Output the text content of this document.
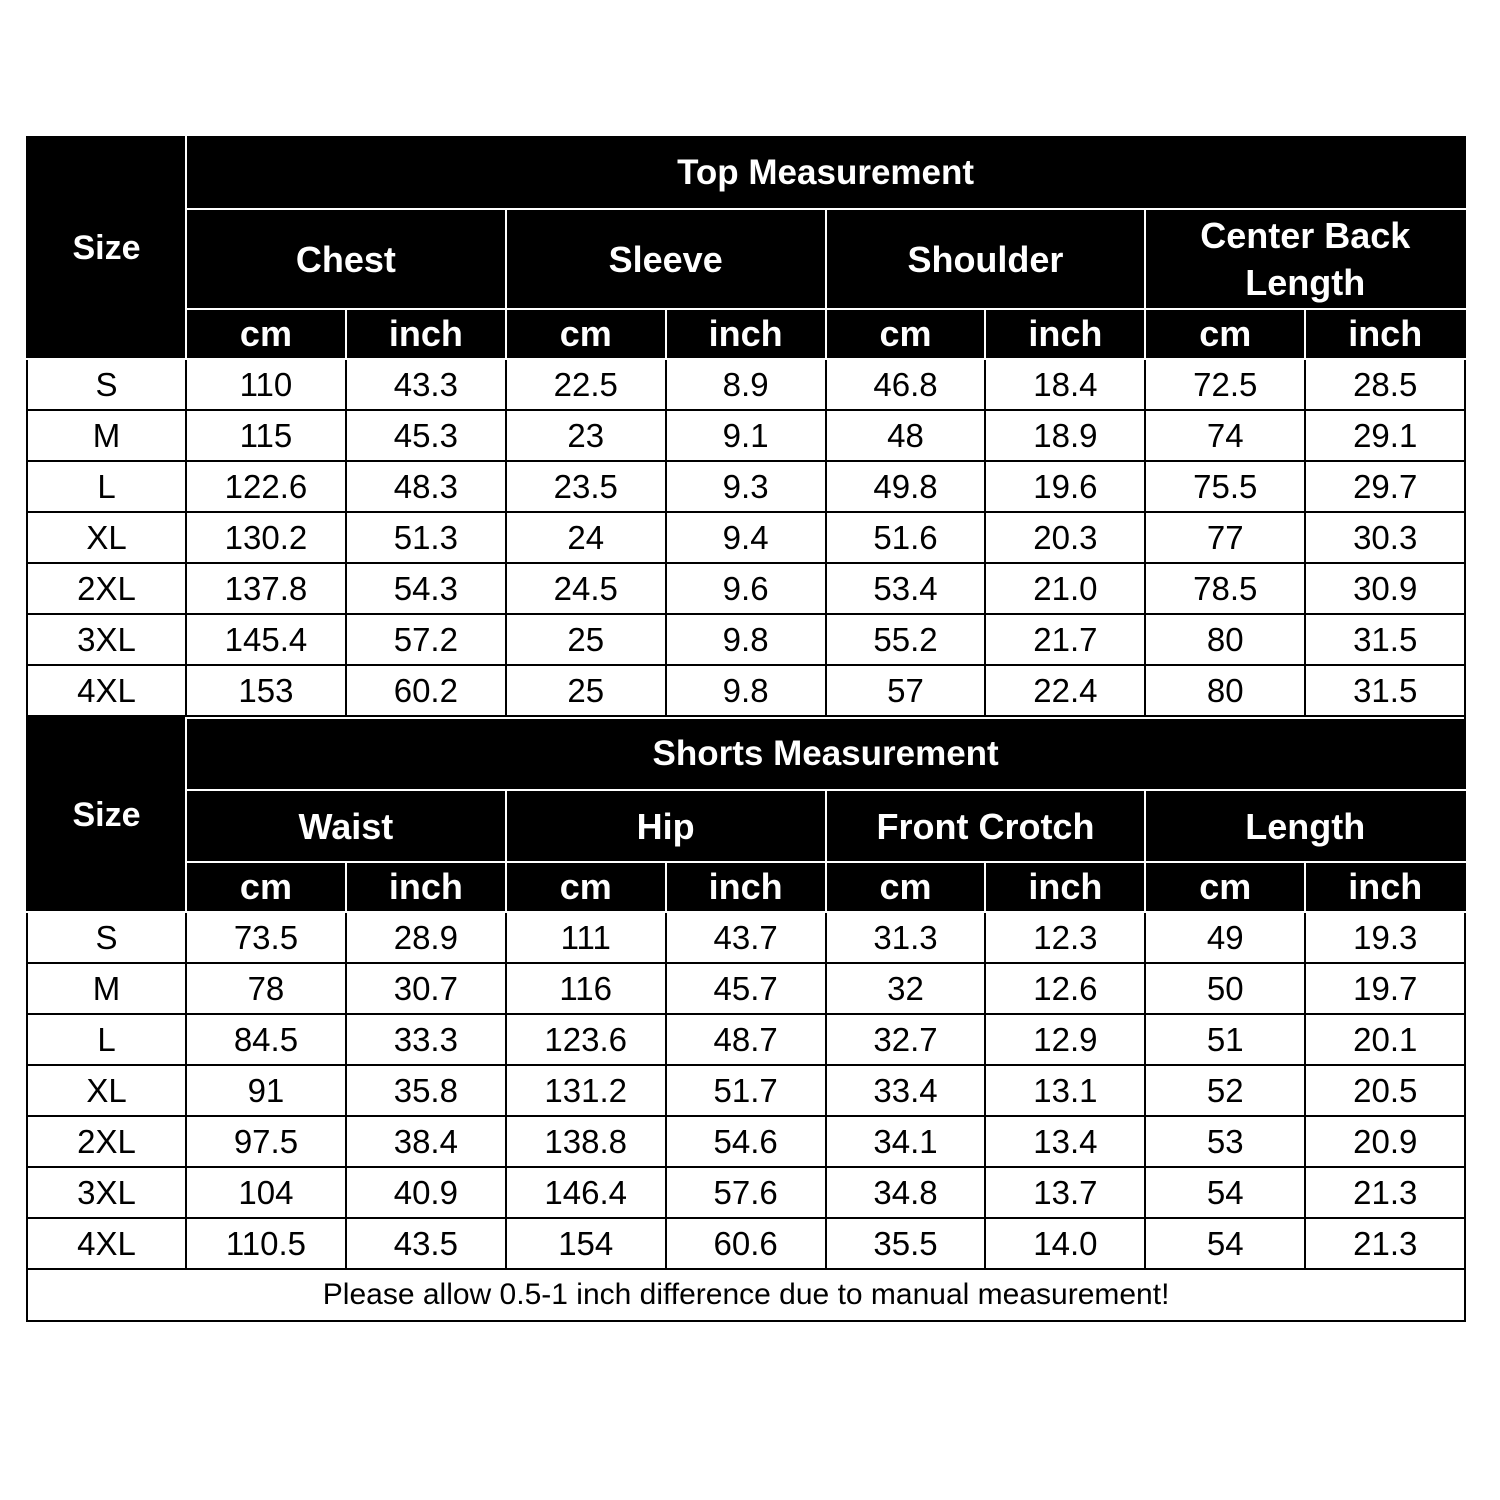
Size	Top Measurement							
	Chest		Sleeve		Shoulder		Center Back Length	
	cm	inch	cm	inch	cm	inch	cm	inch
S	110	43.3	22.5	8.9	46.8	18.4	72.5	28.5
M	115	45.3	23	9.1	48	18.9	74	29.1
L	122.6	48.3	23.5	9.3	49.8	19.6	75.5	29.7
XL	130.2	51.3	24	9.4	51.6	20.3	77	30.3
2XL	137.8	54.3	24.5	9.6	53.4	21.0	78.5	30.9
3XL	145.4	57.2	25	9.8	55.2	21.7	80	31.5
4XL	153	60.2	25	9.8	57	22.4	80	31.5
Size	Shorts Measurement							
	Waist		Hip		Front Crotch		Length	
	cm	inch	cm	inch	cm	inch	cm	inch
S	73.5	28.9	111	43.7	31.3	12.3	49	19.3
M	78	30.7	116	45.7	32	12.6	50	19.7
L	84.5	33.3	123.6	48.7	32.7	12.9	51	20.1
XL	91	35.8	131.2	51.7	33.4	13.1	52	20.5
2XL	97.5	38.4	138.8	54.6	34.1	13.4	53	20.9
3XL	104	40.9	146.4	57.6	34.8	13.7	54	21.3
4XL	110.5	43.5	154	60.6	35.5	14.0	54	21.3
Please allow 0.5-1 inch difference due to manual measurement!								
